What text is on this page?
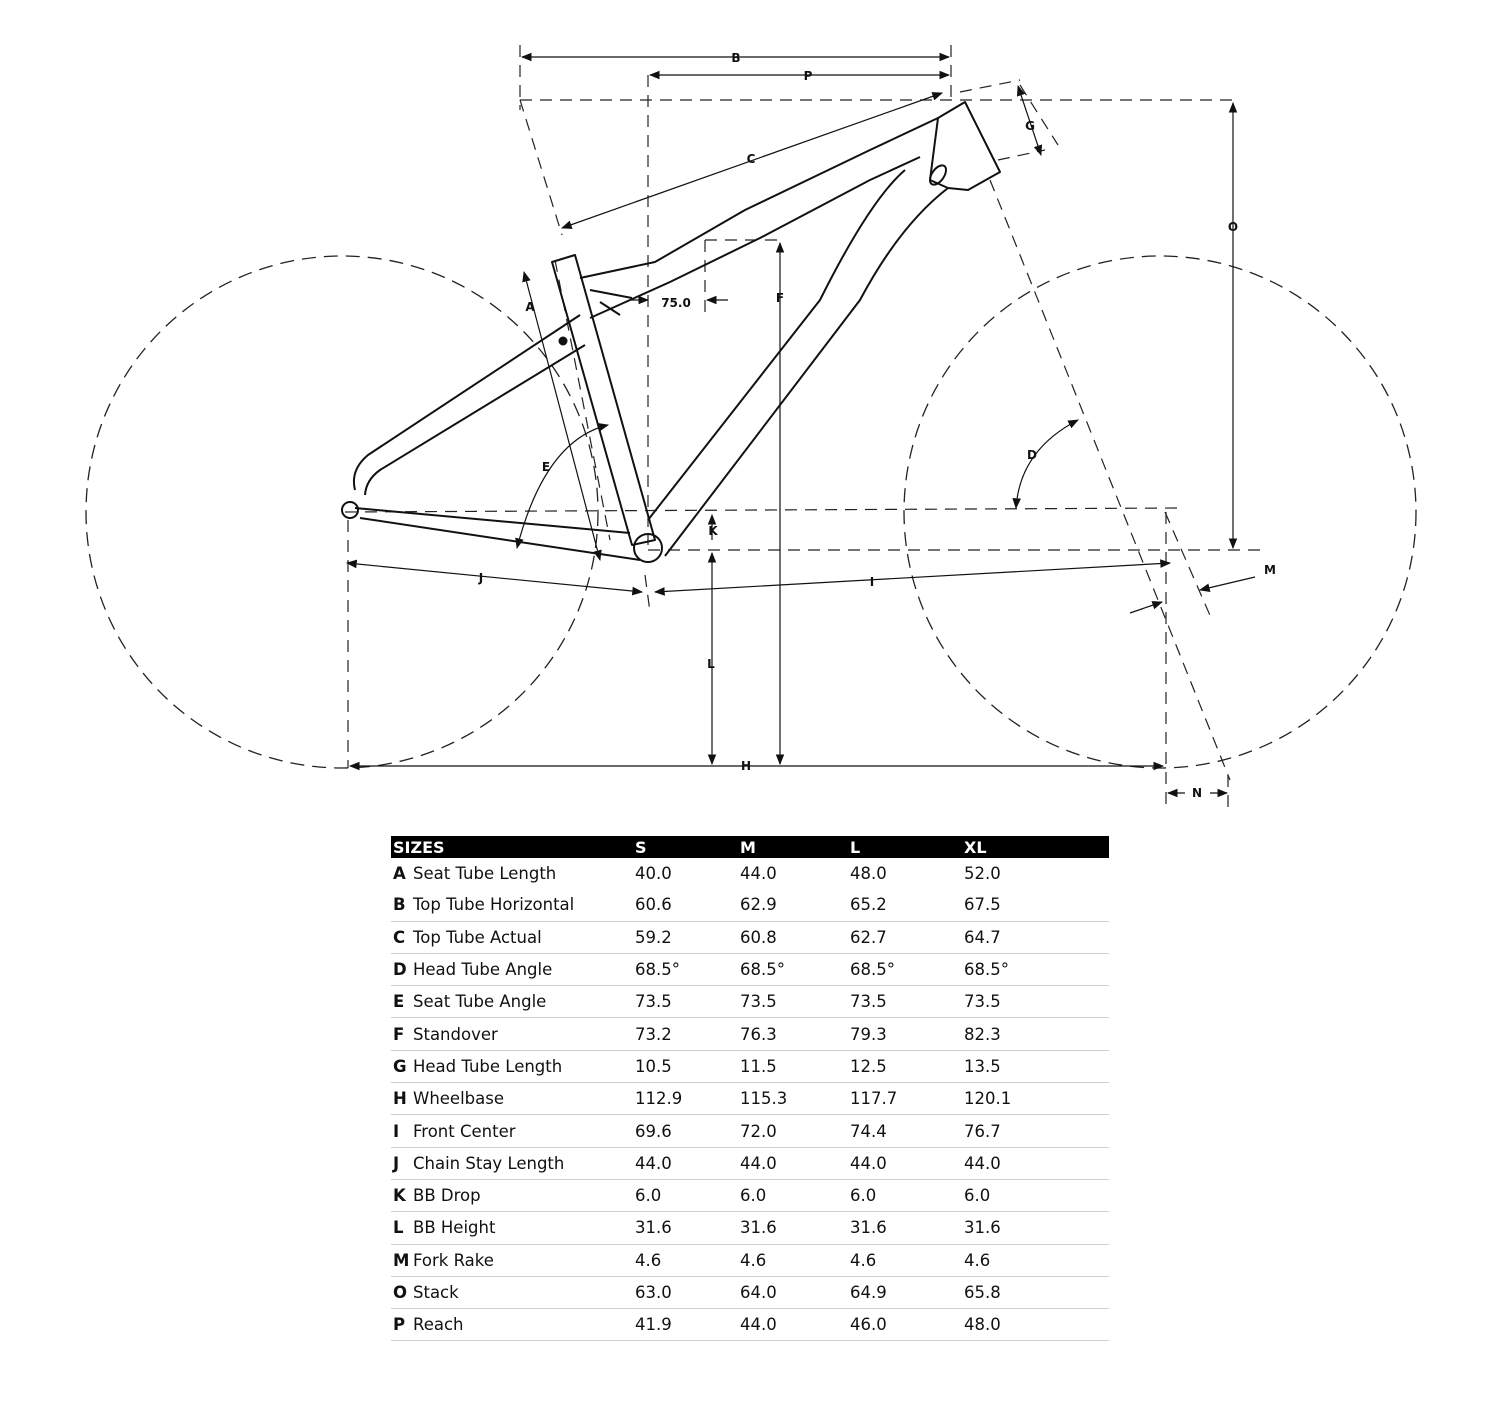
B
P
C
G
O
A
F
75.0
D
E
K
J	I
M
L
H
N
SIZES	S	M	L	XL
A Seat Tube Length	40.0	44.0	48.0	52.0
B Top Tube Horizontal	60.6	62.9	65.2	67.5
C Top Tube Actual	59.2	60.8	62.7	64.7
D Head Tube Angle	68.5°	68.5°	68.5°	68.5°
E Seat Tube Angle	73.5	73.5	73.5	73.5
F Standover	73.2	76.3	79.3	82.3
G Head Tube Length	10.5	11.5	12.5	13.5
H Wheelbase	112.9	115.3	117.7	120.1
I Front Center	69.6	72.0	74.4	76.7
J Chain Stay Length	44.0	44.0	44.0	44.0
K BB Drop	6.0	6.0	6.0	6.0
L BB Height	31.6	31.6	31.6	31.6
M Fork Rake	4.6	4.6	4.6	4.6
O Stack	63.0	64.0	64.9	65.8
P Reach	41.9	44.0	46.0	48.0
